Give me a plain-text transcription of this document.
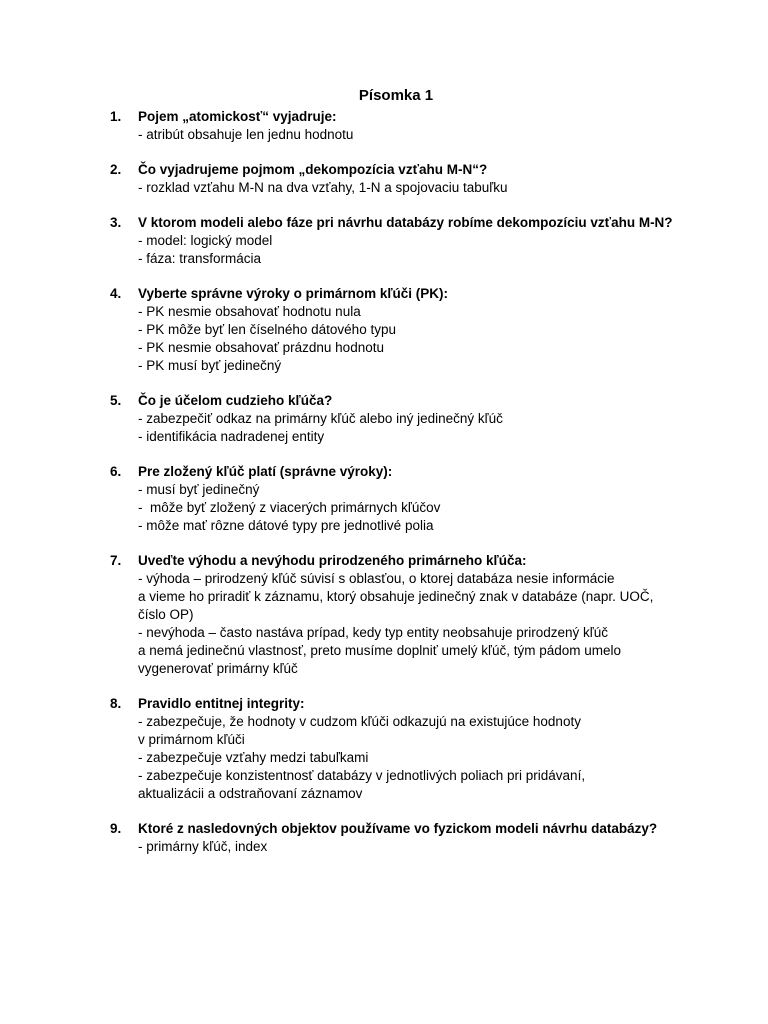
Písomka 1
1.	Pojem „atomickosť“ vyjadruje:
- atribút obsahuje len jednu hodnotu
2.	Čo vyjadrujeme pojmom „dekompozícia vzťahu M-N“?
- rozklad vzťahu M-N na dva vzťahy, 1-N a spojovaciu tabuľku
3.	V ktorom modeli alebo fáze pri návrhu databázy robíme dekompozíciu vzťahu M-N?
- model: logický model
- fáza: transformácia
4.	Vyberte správne výroky o primárnom kľúči (PK):
- PK nesmie obsahovať hodnotu nula
- PK môže byť len číselného dátového typu
- PK nesmie obsahovať prázdnu hodnotu
- PK musí byť jedinečný
5.	Čo je účelom cudzieho kľúča?
- zabezpečiť odkaz na primárny kľúč alebo iný jedinečný kľúč
- identifikácia nadradenej entity
6.	Pre zložený kľúč platí (správne výroky):
- musí byť jedinečný
-  môže byť zložený z viacerých primárnych kľúčov
- môže mať rôzne dátové typy pre jednotlivé polia
7.	Uveďte výhodu a nevýhodu prirodzeného primárneho kľúča:
- výhoda – prirodzený kľúč súvisí s oblasťou, o ktorej databáza nesie informácie
a vieme ho priradiť k záznamu, ktorý obsahuje jedinečný znak v databáze (napr. UOČ,
číslo OP)
- nevýhoda – často nastáva prípad, kedy typ entity neobsahuje prirodzený kľúč
a nemá jedinečnú vlastnosť, preto musíme doplniť umelý kľúč, tým pádom umelo
vygenerovať primárny kľúč
8.	Pravidlo entitnej integrity:
- zabezpečuje, že hodnoty v cudzom kľúči odkazujú na existujúce hodnoty
v primárnom kľúči
- zabezpečuje vzťahy medzi tabuľkami
- zabezpečuje konzistentnosť databázy v jednotlivých poliach pri pridávaní,
aktualizácii a odstraňovaní záznamov
9.	Ktoré z nasledovných objektov používame vo fyzickom modeli návrhu databázy?
- primárny kľúč, index
